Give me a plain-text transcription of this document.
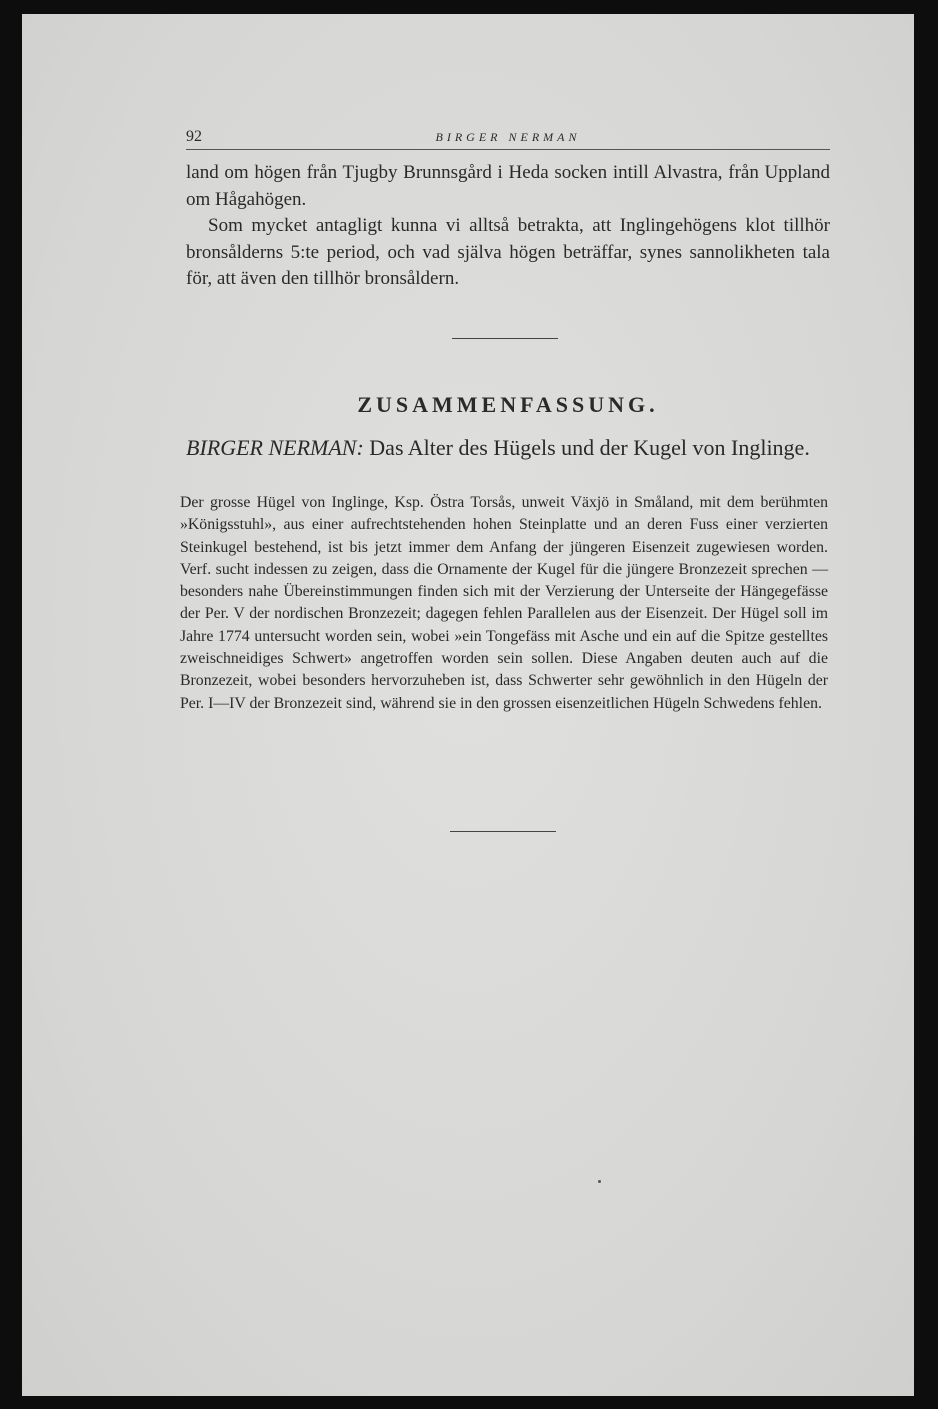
92	BIRGER NERMAN

land om högen från Tjugby Brunnsgård i Heda socken intill Alvastra, från Uppland om Hågahögen.

Som mycket antagligt kunna vi alltså betrakta, att Inglingehögens klot tillhör bronsålderns 5:te period, och vad själva högen beträffar, synes sannolikheten tala för, att även den tillhör bronsåldern.

ZUSAMMENFASSUNG.

BIRGER NERMAN: Das Alter des Hügels und der Kugel von Inglinge.

Der grosse Hügel von Inglinge, Ksp. Östra Torsås, unweit Växjö in Småland, mit dem berühmten »Königsstuhl», aus einer aufrechtstehenden hohen Steinplatte und an deren Fuss einer verzierten Steinkugel bestehend, ist bis jetzt immer dem Anfang der jüngeren Eisenzeit zugewiesen worden. Verf. sucht indessen zu zeigen, dass die Ornamente der Kugel für die jüngere Bronzezeit sprechen — besonders nahe Übereinstimmungen finden sich mit der Verzierung der Unterseite der Hängegefässe der Per. V der nordischen Bronzezeit; dagegen fehlen Parallelen aus der Eisenzeit. Der Hügel soll im Jahre 1774 untersucht worden sein, wobei »ein Tongefäss mit Asche und ein auf die Spitze gestelltes zweischneidiges Schwert» angetroffen worden sein sollen. Diese Angaben deuten auch auf die Bronzezeit, wobei besonders hervorzuheben ist, dass Schwerter sehr gewöhnlich in den Hügeln der Per. I—IV der Bronzezeit sind, während sie in den grossen eisenzeitlichen Hügeln Schwedens fehlen.
